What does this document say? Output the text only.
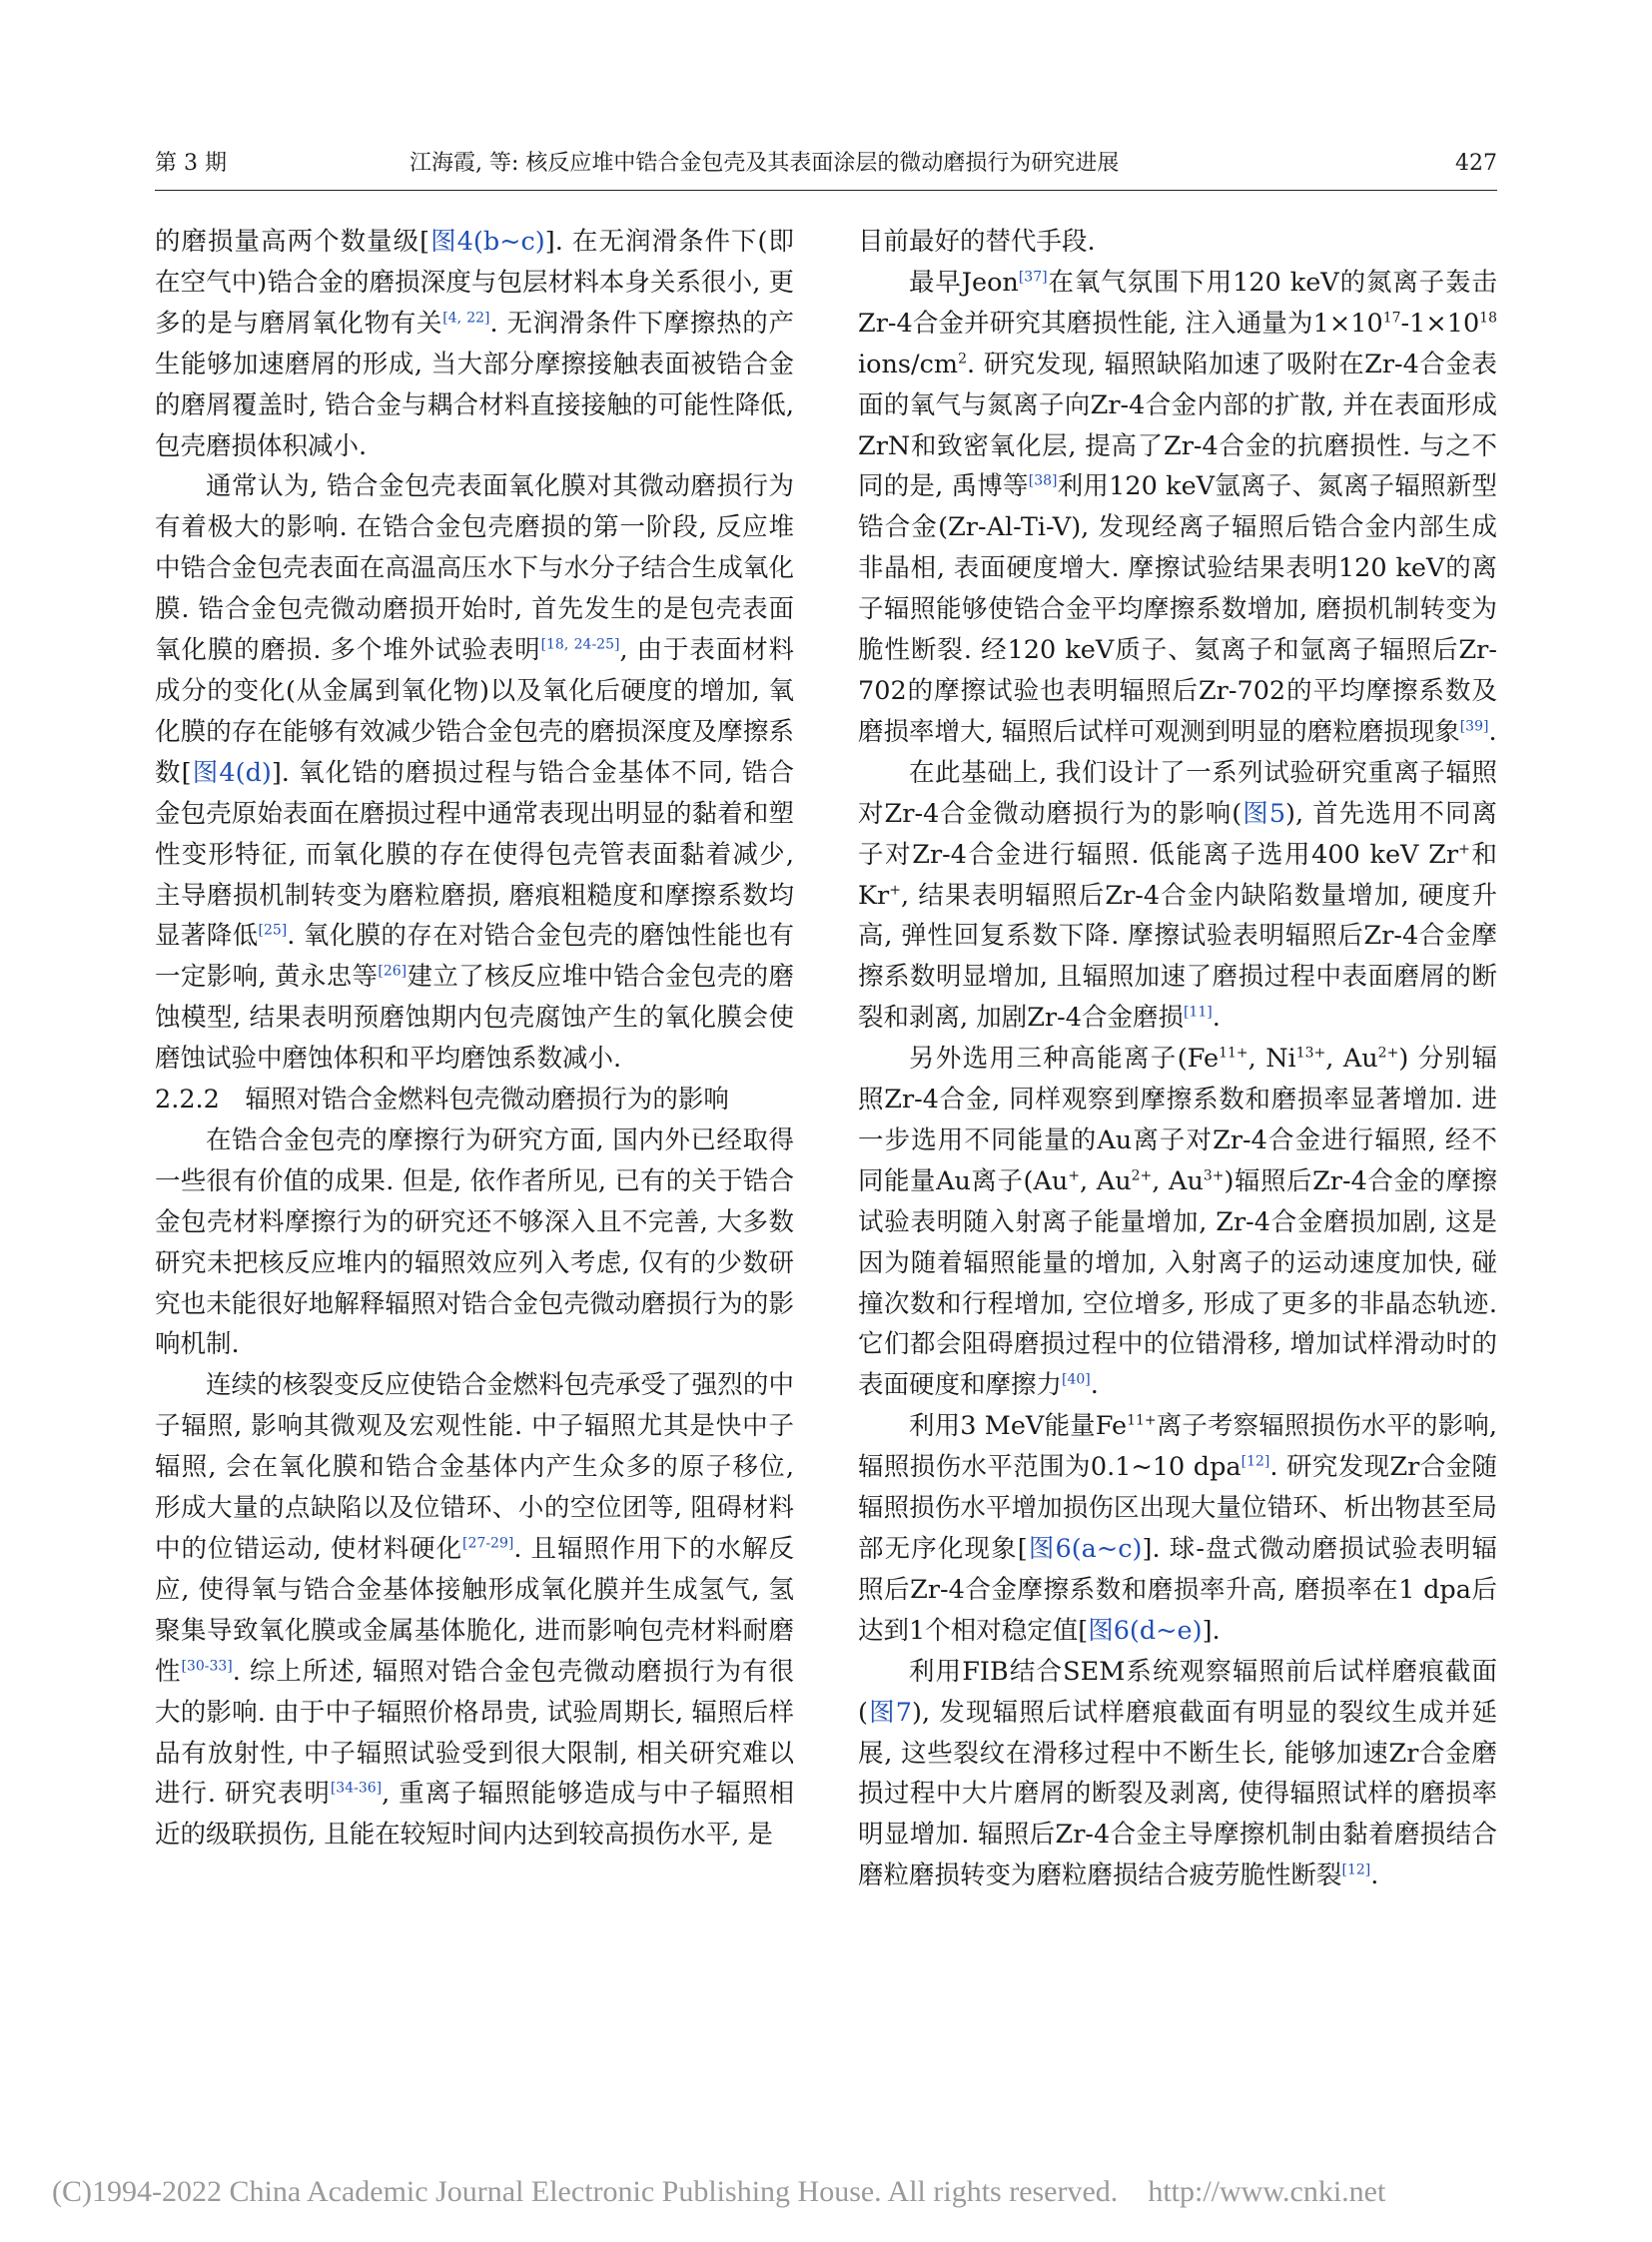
第 3 期	江海霞, 等: 核反应堆中锆合金包壳及其表面涂层的微动磨损行为研究进展	427

的磨损量高两个数量级[图4(b~c)]. 在无润滑条件下(即在空气中)锆合金的磨损深度与包层材料本身关系很小, 更多的是与磨屑氧化物有关[4, 22]. 无润滑条件下摩擦热的产生能够加速磨屑的形成, 当大部分摩擦接触表面被锆合金的磨屑覆盖时, 锆合金与耦合材料直接接触的可能性降低, 包壳磨损体积减小.

通常认为, 锆合金包壳表面氧化膜对其微动磨损行为有着极大的影响. 在锆合金包壳磨损的第一阶段, 反应堆中锆合金包壳表面在高温高压水下与水分子结合生成氧化膜. 锆合金包壳微动磨损开始时, 首先发生的是包壳表面氧化膜的磨损. 多个堆外试验表明[18, 24-25], 由于表面材料成分的变化(从金属到氧化物)以及氧化后硬度的增加, 氧化膜的存在能够有效减少锆合金包壳的磨损深度及摩擦系数[图4(d)]. 氧化锆的磨损过程与锆合金基体不同, 锆合金包壳原始表面在磨损过程中通常表现出明显的黏着和塑性变形特征, 而氧化膜的存在使得包壳管表面黏着减少, 主导磨损机制转变为磨粒磨损, 磨痕粗糙度和摩擦系数均显著降低[25]. 氧化膜的存在对锆合金包壳的磨蚀性能也有一定影响, 黄永忠等[26]建立了核反应堆中锆合金包壳的磨蚀模型, 结果表明预磨蚀期内包壳腐蚀产生的氧化膜会使磨蚀试验中磨蚀体积和平均磨蚀系数减小.

2.2.2　辐照对锆合金燃料包壳微动磨损行为的影响

在锆合金包壳的摩擦行为研究方面, 国内外已经取得一些很有价值的成果. 但是, 依作者所见, 已有的关于锆合金包壳材料摩擦行为的研究还不够深入且不完善, 大多数研究未把核反应堆内的辐照效应列入考虑, 仅有的少数研究也未能很好地解释辐照对锆合金包壳微动磨损行为的影响机制.

连续的核裂变反应使锆合金燃料包壳承受了强烈的中子辐照, 影响其微观及宏观性能. 中子辐照尤其是快中子辐照, 会在氧化膜和锆合金基体内产生众多的原子移位, 形成大量的点缺陷以及位错环、小的空位团等, 阻碍材料中的位错运动, 使材料硬化[27-29]. 且辐照作用下的水解反应, 使得氧与锆合金基体接触形成氧化膜并生成氢气, 氢聚集导致氧化膜或金属基体脆化, 进而影响包壳材料耐磨性[30-33]. 综上所述, 辐照对锆合金包壳微动磨损行为有很大的影响. 由于中子辐照价格昂贵, 试验周期长, 辐照后样品有放射性, 中子辐照试验受到很大限制, 相关研究难以进行. 研究表明[34-36], 重离子辐照能够造成与中子辐照相近的级联损伤, 且能在较短时间内达到较高损伤水平, 是

目前最好的替代手段.

最早Jeon[37]在氧气氛围下用120 keV的氮离子轰击Zr-4合金并研究其磨损性能, 注入通量为$1\times 10^{17}-1\times 10^{18}$ ions/$cm^2$. 研究发现, 辐照缺陷加速了吸附在Zr-4合金表面的氧气与氮离子向Zr-4合金内部的扩散, 并在表面形成ZrN和致密氧化层, 提高了Zr-4合金的抗磨损性. 与之不同的是, 禹博等[38]利用120 keV氩离子、氮离子辐照新型锆合金(Zr-Al-Ti-V), 发现经离子辐照后锆合金内部生成非晶相, 表面硬度增大. 摩擦试验结果表明120 keV的离子辐照能够使锆合金平均摩擦系数增加, 磨损机制转变为脆性断裂. 经120 keV质子、氦离子和氩离子辐照后Zr-702的摩擦试验也表明辐照后Zr-702的平均摩擦系数及磨损率增大, 辐照后试样可观测到明显的磨粒磨损现象[39].

在此基础上, 我们设计了一系列试验研究重离子辐照对Zr-4合金微动磨损行为的影响(图5), 首先选用不同离子对Zr-4合金进行辐照. 低能离子选用400 keV Zr+和Kr+, 结果表明辐照后Zr-4合金内缺陷数量增加, 硬度升高, 弹性回复系数下降. 摩擦试验表明辐照后Zr-4合金摩擦系数明显增加, 且辐照加速了磨损过程中表面磨屑的断裂和剥离, 加剧Zr-4合金磨损[11].

另外选用三种高能离子($Fe^{11+}$, $Ni^{13+}$, $Au^{2+}$) 分别辐照Zr-4合金, 同样观察到摩擦系数和磨损率显著增加. 进一步选用不同能量的Au离子对Zr-4合金进行辐照, 经不同能量Au离子(Au+, $Au^{2+}$, $Au^{3+}$)辐照后Zr-4合金的摩擦试验表明随入射离子能量增加, Zr-4合金磨损加剧, 这是因为随着辐照能量的增加, 入射离子的运动速度加快, 碰撞次数和行程增加, 空位增多, 形成了更多的非晶态轨迹. 它们都会阻碍磨损过程中的位错滑移, 增加试样滑动时的表面硬度和摩擦力[40].

利用3 MeV能量$Fe^{11+}$离子考察辐照损伤水平的影响, 辐照损伤水平范围为0.1~10 dpa[12]. 研究发现Zr合金随辐照损伤水平增加损伤区出现大量位错环、析出物甚至局部无序化现象[图6(a~c)]. 球-盘式微动磨损试验表明辐照后Zr-4合金摩擦系数和磨损率升高, 磨损率在1 dpa后达到1个相对稳定值[图6(d~e)].

利用FIB结合SEM系统观察辐照前后试样磨痕截面 (图7), 发现辐照后试样磨痕截面有明显的裂纹生成并延展, 这些裂纹在滑移过程中不断生长, 能够加速Zr合金磨损过程中大片磨屑的断裂及剥离, 使得辐照试样的磨损率明显增加. 辐照后Zr-4合金主导摩擦机制由黏着磨损结合磨粒磨损转变为磨粒磨损结合疲劳脆性断裂[12].

(C)1994-2022 China Academic Journal Electronic Publishing House. All rights reserved. http://www.cnki.net
